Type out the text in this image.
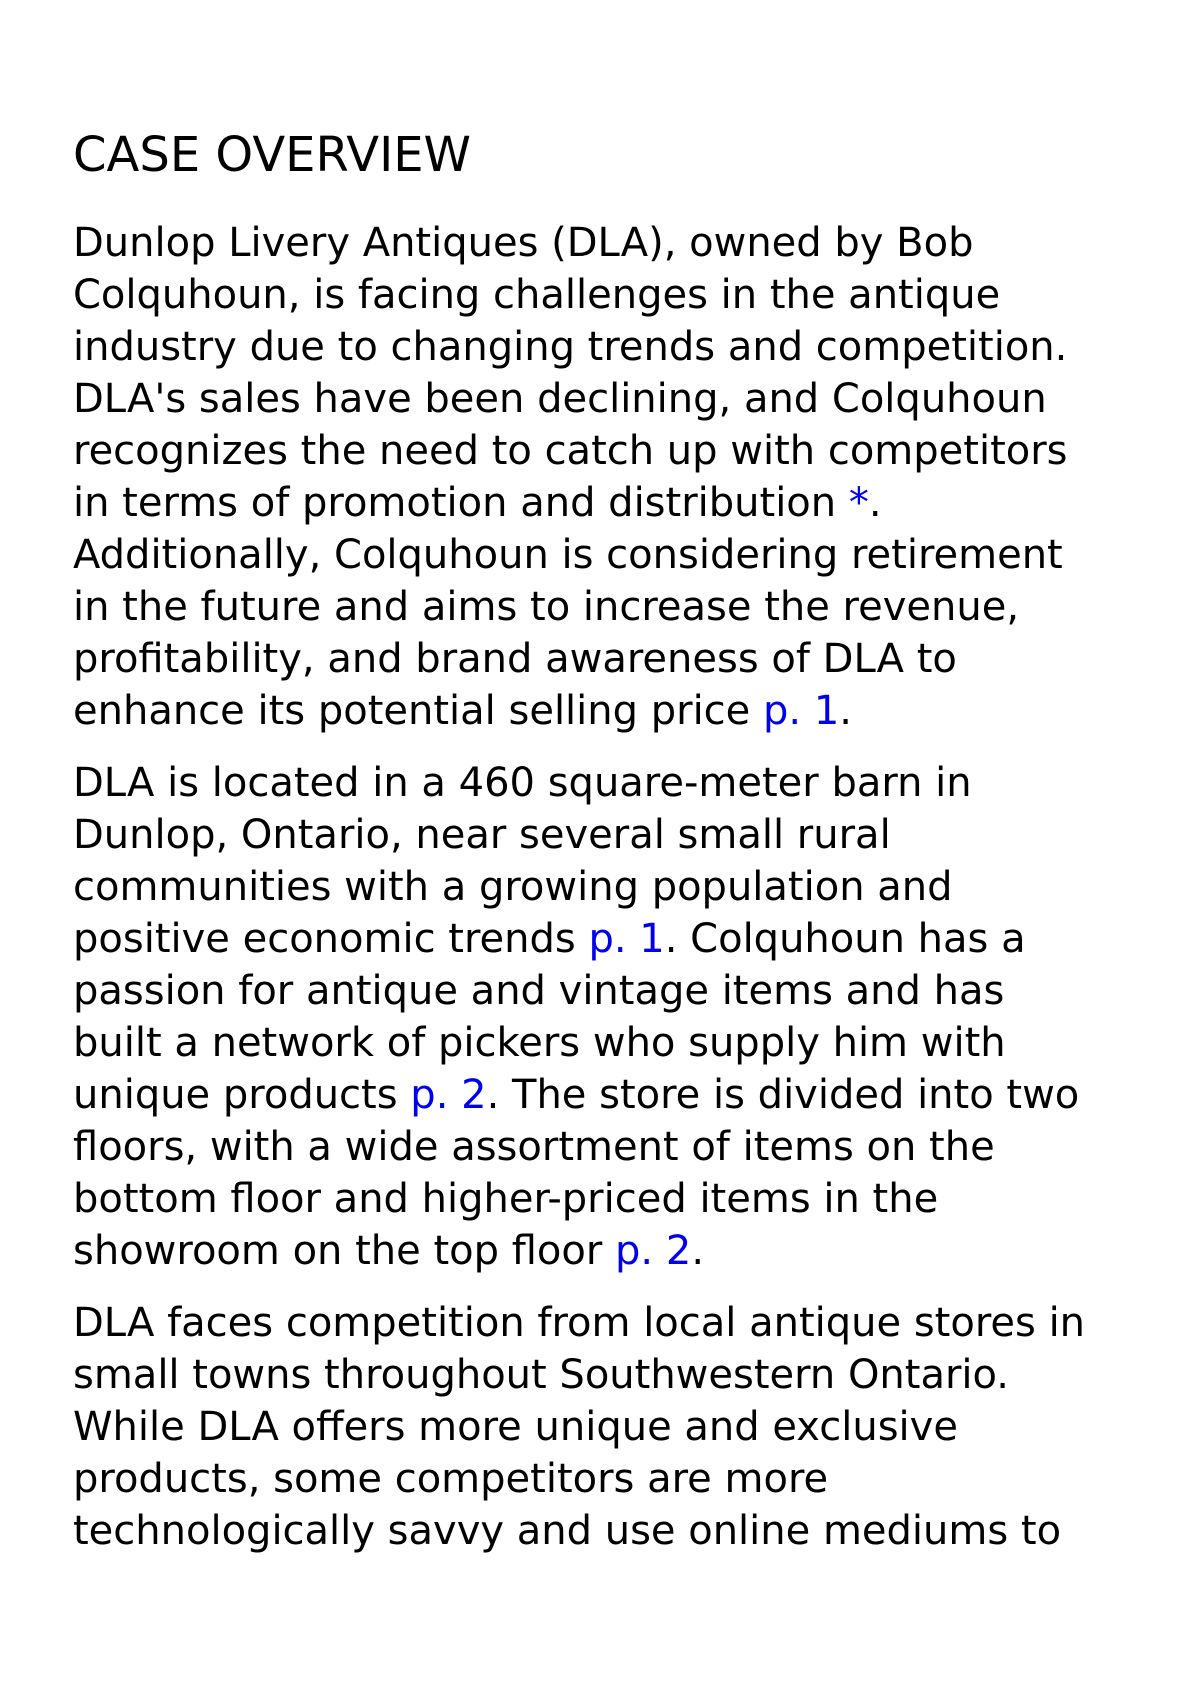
CASE OVERVIEW

Dunlop Livery Antiques (DLA), owned by Bob
Colquhoun, is facing challenges in the antique
industry due to changing trends and competition.
DLA's sales have been declining, and Colquhoun
recognizes the need to catch up with competitors
in terms of promotion and distribution *.
Additionally, Colquhoun is considering retirement
in the future and aims to increase the revenue,
profitability, and brand awareness of DLA to
enhance its potential selling price p. 1.

DLA is located in a 460 square-meter barn in
Dunlop, Ontario, near several small rural
communities with a growing population and
positive economic trends p. 1. Colquhoun has a
passion for antique and vintage items and has
built a network of pickers who supply him with
unique products p. 2. The store is divided into two
floors, with a wide assortment of items on the
bottom floor and higher-priced items in the
showroom on the top floor p. 2.

DLA faces competition from local antique stores in
small towns throughout Southwestern Ontario.
While DLA offers more unique and exclusive
products, some competitors are more
technologically savvy and use online mediums to
